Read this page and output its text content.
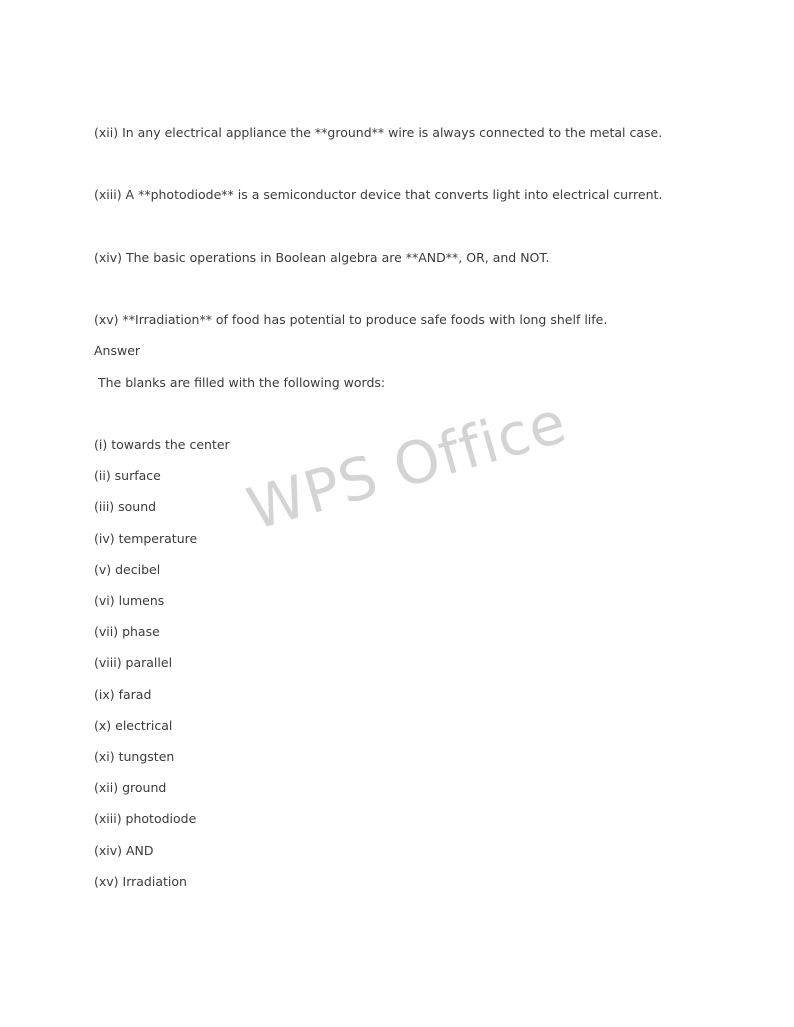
(xii) In any electrical appliance the **ground** wire is always connected to the metal case.
(xiii) A **photodiode** is a semiconductor device that converts light into electrical current.
(xiv) The basic operations in Boolean algebra are **AND**, OR, and NOT.
(xv) **Irradiation** of food has potential to produce safe foods with long shelf life.
Answer
The blanks are filled with the following words:
(i) towards the center
(ii) surface
(iii) sound
(iv) temperature
(v) decibel
(vi) lumens
(vii) phase
(viii) parallel
(ix) farad
(x) electrical
(xi) tungsten
(xii) ground
(xiii) photodiode
(xiv) AND
(xv) Irradiation
WPS Office
